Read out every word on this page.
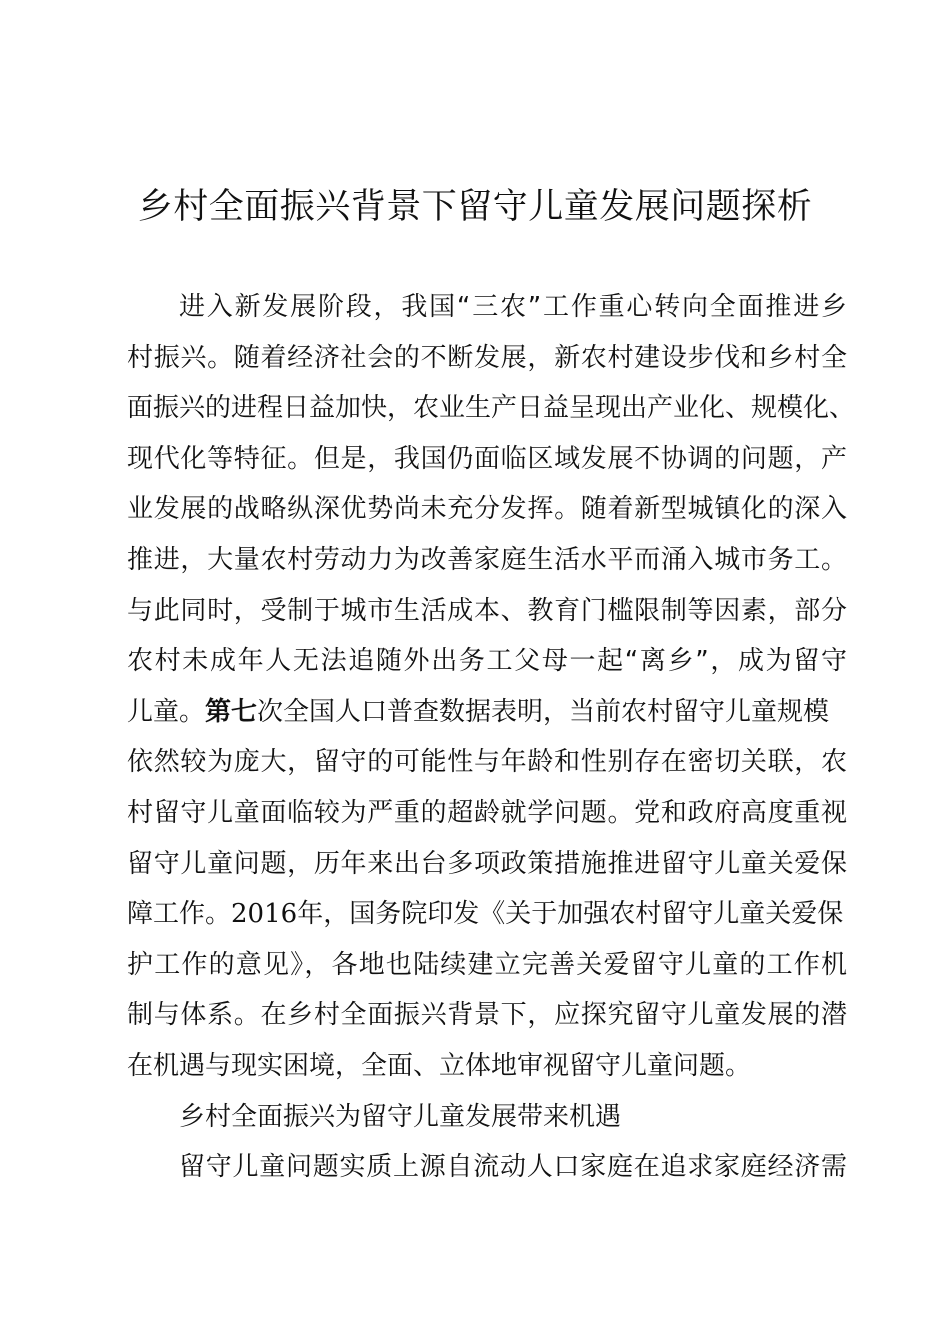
乡村全面振兴背景下留守儿童发展问题探析
进入新发展阶段，我国“三农”工作重心转向全面推进乡
村振兴。随着经济社会的不断发展，新农村建设步伐和乡村全
面振兴的进程日益加快，农业生产日益呈现出产业化、规模化、
现代化等特征。但是，我国仍面临区域发展不协调的问题，产
业发展的战略纵深优势尚未充分发挥。随着新型城镇化的深入
推进，大量农村劳动力为改善家庭生活水平而涌入城市务工。
与此同时，受制于城市生活成本、教育门槛限制等因素，部分
农村未成年人无法追随外出务工父母一起“离乡”，成为留守
儿童。第七次全国人口普查数据表明，当前农村留守儿童规模
依然较为庞大，留守的可能性与年龄和性别存在密切关联，农
村留守儿童面临较为严重的超龄就学问题。党和政府高度重视
留守儿童问题，历年来出台多项政策措施推进留守儿童关爱保
障工作。2016年，国务院印发《关于加强农村留守儿童关爱保
护工作的意见》，各地也陆续建立完善关爱留守儿童的工作机
制与体系。在乡村全面振兴背景下，应探究留守儿童发展的潜
在机遇与现实困境，全面、立体地审视留守儿童问题。
乡村全面振兴为留守儿童发展带来机遇
留守儿童问题实质上源自流动人口家庭在追求家庭经济需
